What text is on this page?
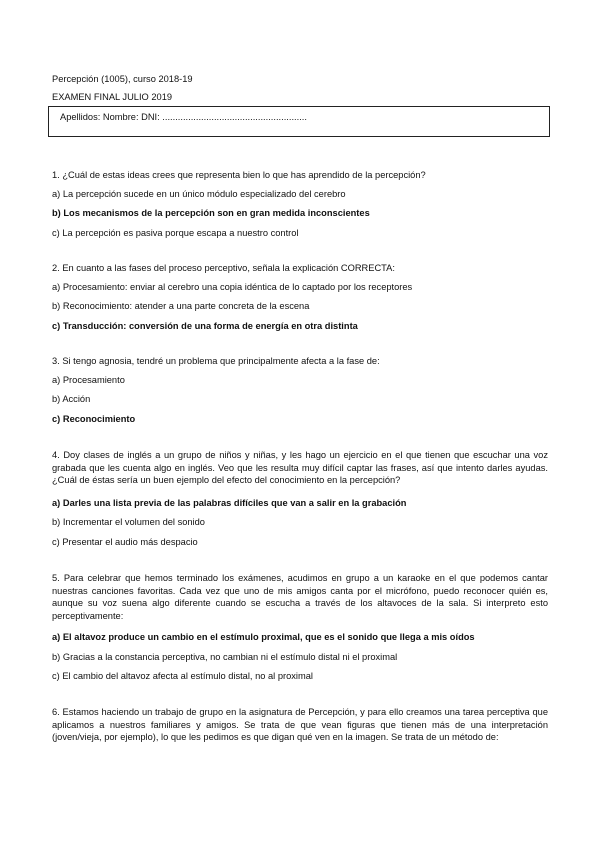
Percepción (1005), curso 2018-19
EXAMEN FINAL JULIO 2019
Apellidos: Nombre: DNI: ........................................................
1. ¿Cuál de estas ideas crees que representa bien lo que has aprendido de la percepción?
a) La percepción sucede en un único módulo especializado del cerebro
b) Los mecanismos de la percepción son en gran medida inconscientes
c) La percepción es pasiva porque escapa a nuestro control
2. En cuanto a las fases del proceso perceptivo, señala la explicación CORRECTA:
a) Procesamiento: enviar al cerebro una copia idéntica de lo captado por los receptores
b) Reconocimiento: atender a una parte concreta de la escena
c) Transducción: conversión de una forma de energía en otra distinta
3. Si tengo agnosia, tendré un problema que principalmente afecta a la fase de:
a) Procesamiento
b) Acción
c) Reconocimiento
4. Doy clases de inglés a un grupo de niños y niñas, y les hago un ejercicio en el que tienen que escuchar una voz grabada que les cuenta algo en inglés. Veo que les resulta muy difícil captar las frases, así que intento darles ayudas. ¿Cuál de éstas sería un buen ejemplo del efecto del conocimiento en la percepción?
a) Darles una lista previa de las palabras difíciles que van a salir en la grabación
b) Incrementar el volumen del sonido
c) Presentar el audio más despacio
5. Para celebrar que hemos terminado los exámenes, acudimos en grupo a un karaoke en el que podemos cantar nuestras canciones favoritas. Cada vez que uno de mis amigos canta por el micrófono, puedo reconocer quién es, aunque su voz suena algo diferente cuando se escucha a través de los altavoces de la sala. Si interpreto esto perceptivamente:
a) El altavoz produce un cambio en el estímulo proximal, que es el sonido que llega a mis oídos
b) Gracias a la constancia perceptiva, no cambian ni el estímulo distal ni el proximal
c) El cambio del altavoz afecta al estímulo distal, no al proximal
6. Estamos haciendo un trabajo de grupo en la asignatura de Percepción, y para ello creamos una tarea perceptiva que aplicamos a nuestros familiares y amigos. Se trata de que vean figuras que tienen más de una interpretación (joven/vieja, por ejemplo), lo que les pedimos es que digan qué ven en la imagen. Se trata de un método de:
